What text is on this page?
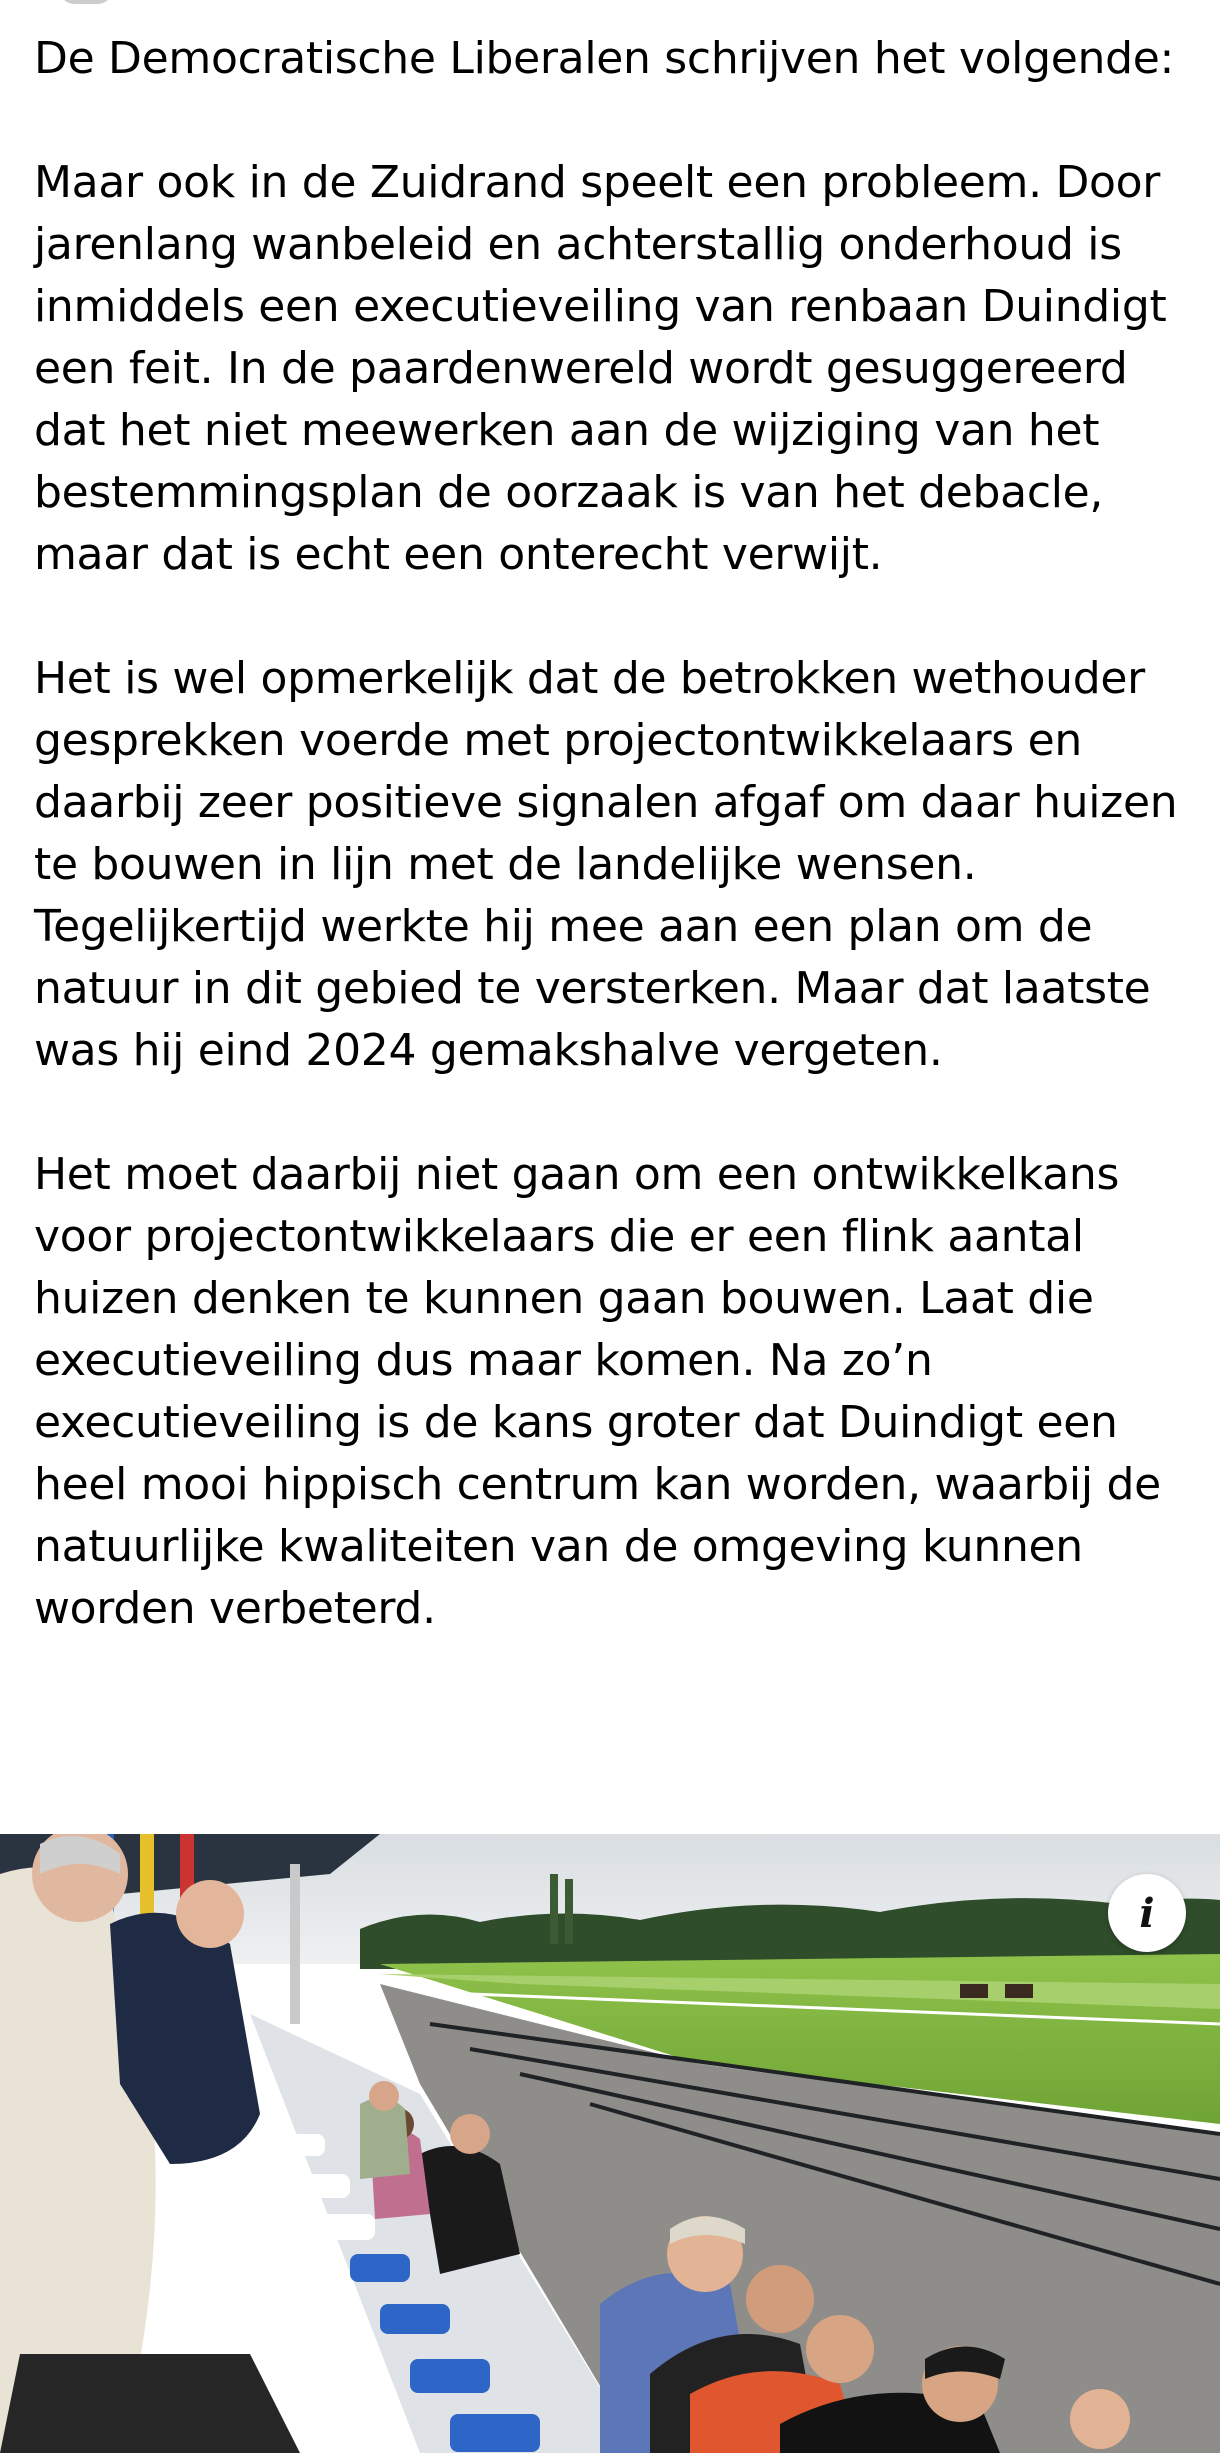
De Democratische Liberalen schrijven het volgende:

Maar ook in de Zuidrand speelt een probleem. Door jarenlang wanbeleid en achterstallig onderhoud is inmiddels een executieveiling van renbaan Duindigt een feit. In de paardenwereld wordt gesuggereerd dat het niet meewerken aan de wijziging van het bestemmingsplan de oorzaak is van het debacle, maar dat is echt een onterecht verwijt.

Het is wel opmerkelijk dat de betrokken wethouder gesprekken voerde met projectontwikkelaars en daarbij zeer positieve signalen afgaf om daar huizen te bouwen in lijn met de landelijke wensen. Tegelijkertijd werkte hij mee aan een plan om de natuur in dit gebied te versterken. Maar dat laatste was hij eind 2024 gemakshalve vergeten.

Het moet daarbij niet gaan om een ontwikkelkans voor projectontwikkelaars die er een flink aantal huizen denken te kunnen gaan bouwen. Laat die executieveiling dus maar komen. Na zo’n executieveiling is de kans groter dat Duindigt een heel mooi hippisch centrum kan worden, waarbij de natuurlijke kwaliteiten van de omgeving kunnen worden verbeterd.

i
